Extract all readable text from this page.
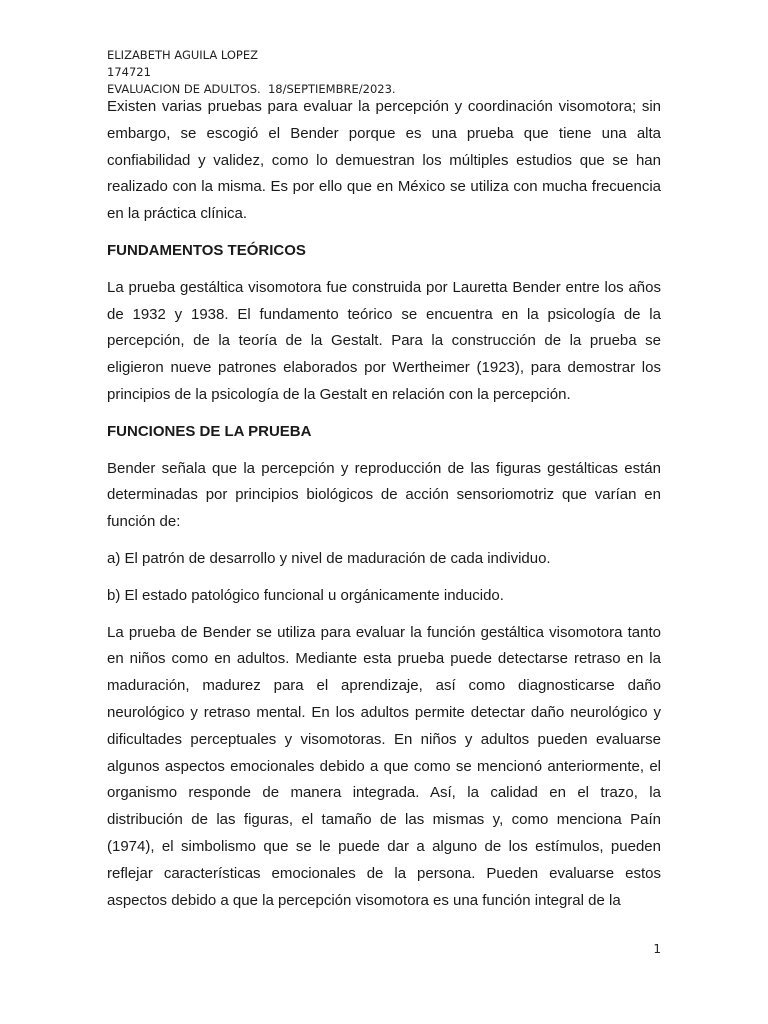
ELIZABETH AGUILA LOPEZ
174721
EVALUACION DE ADULTOS.  18/SEPTIEMBRE/2023.

Existen varias pruebas para evaluar la percepción y coordinación visomotora; sin embargo, se escogió el Bender porque es una prueba que tiene una alta confiabilidad y validez, como lo demuestran los múltiples estudios que se han realizado con la misma. Es por ello que en México se utiliza con mucha frecuencia en la práctica clínica.

FUNDAMENTOS TEÓRICOS

La prueba gestáltica visomotora fue construida por Lauretta Bender entre los años de 1932 y 1938. El fundamento teórico se encuentra en la psicología de la percepción, de la teoría de la Gestalt. Para la construcción de la prueba se eligieron nueve patrones elaborados por Wertheimer (1923), para demostrar los principios de la psicología de la Gestalt en relación con la percepción.

FUNCIONES DE LA PRUEBA

Bender señala que la percepción y reproducción de las figuras gestálticas están determinadas por principios biológicos de acción sensoriomotriz que varían en función de:

a) El patrón de desarrollo y nivel de maduración de cada individuo.

b) El estado patológico funcional u orgánicamente inducido.

La prueba de Bender se utiliza para evaluar la función gestáltica visomotora tanto en niños como en adultos. Mediante esta prueba puede detectarse retraso en la maduración, madurez para el aprendizaje, así como diagnosticarse daño neurológico y retraso mental. En los adultos permite detectar daño neurológico y dificultades perceptuales y visomotoras. En niños y adultos pueden evaluarse algunos aspectos emocionales debido a que como se mencionó anteriormente, el organismo responde de manera integrada. Así, la calidad en el trazo, la distribución de las figuras, el tamaño de las mismas y, como menciona Paín (1974), el simbolismo que se le puede dar a alguno de los estímulos, pueden reflejar características emocionales de la persona. Pueden evaluarse estos aspectos debido a que la percepción visomotora es una función integral de la

1
